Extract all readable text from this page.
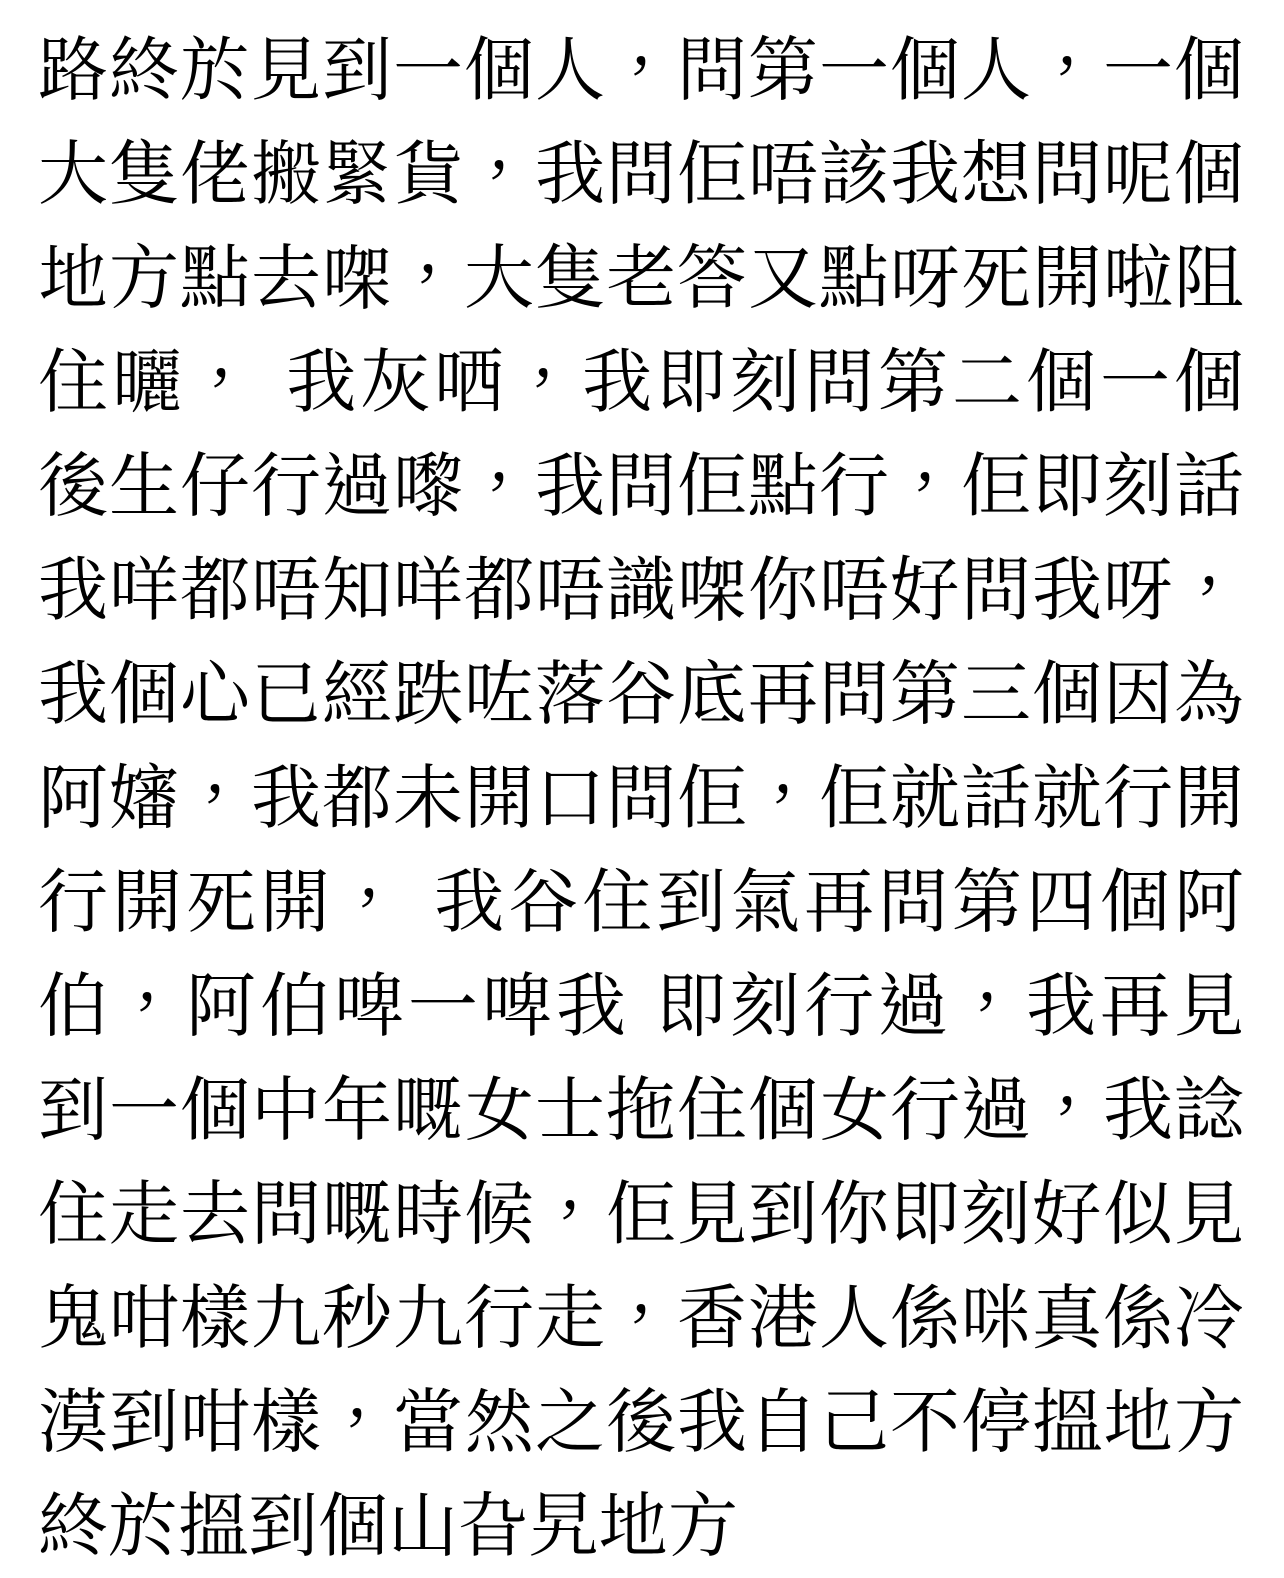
路終於見到一個人，問第一個人，一個大隻佬搬緊貨，我問佢唔該我想問呢個地方點去㗎，大隻老答又點呀死開啦阻住曬， 我灰哂，我即刻問第二個一個後生仔行過嚟，我問佢點行，佢即刻話我咩都唔知咩都唔識㗎你唔好問我呀，我個心已經跌咗落谷底再問第三個因為阿嬸，我都未開口問佢，佢就話就行開行開死開， 我谷住到氣再問第四個阿伯，阿伯啤一啤我 即刻行過，我再見到一個中年嘅女士拖住個女行過，我諗住走去問嘅時候，佢見到你即刻好似見鬼咁樣九秒九行走，香港人係咪真係冷漠到咁樣，當然之後我自己不停搵地方終於搵到個山旮旯地方
